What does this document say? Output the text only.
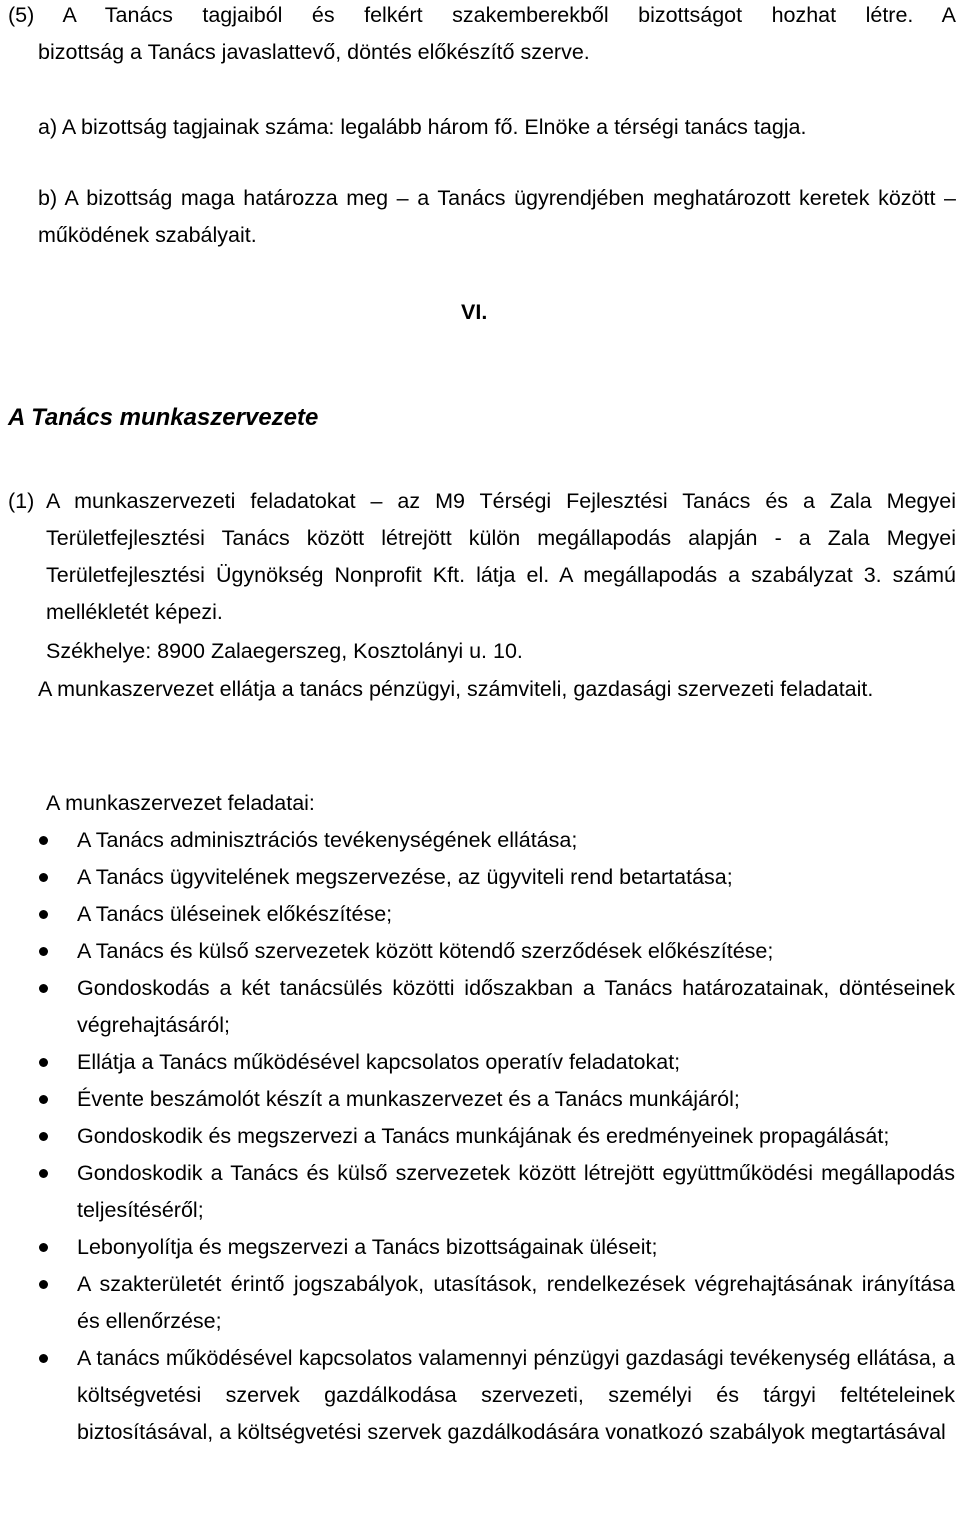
(5) A Tanács tagjaiból és felkért szakemberekből bizottságot hozhat létre. A

bizottság a Tanács javaslattevő, döntés előkészítő szerve.

a) A bizottság tagjainak száma: legalább három fő. Elnöke a térségi tanács tagja.

b) A bizottság maga határozza meg – a Tanács ügyrendjében meghatározott keretek között – működének szabályait.

VI.

A Tanács munkaszervezete

(1) A munkaszervezeti feladatokat – az M9 Térségi Fejlesztési Tanács és a Zala Megyei Területfejlesztési Tanács között létrejött külön megállapodás alapján - a Zala Megyei Területfejlesztési Ügynökség Nonprofit Kft. látja el. A megállapodás a szabályzat 3. számú mellékletét képezi.

Székhelye: 8900 Zalaegerszeg, Kosztolányi u. 10.

A munkaszervezet ellátja a tanács pénzügyi, számviteli, gazdasági szervezeti feladatait.

A munkaszervezet feladatai:

A Tanács adminisztrációs tevékenységének ellátása;
A Tanács ügyvitelének megszervezése, az ügyviteli rend betartatása;
A Tanács üléseinek előkészítése;
A Tanács és külső szervezetek között kötendő szerződések előkészítése;
Gondoskodás a két tanácsülés közötti időszakban a Tanács határozatainak, döntéseinek végrehajtásáról;
Ellátja a Tanács működésével kapcsolatos operatív feladatokat;
Évente beszámolót készít a munkaszervezet és a Tanács munkájáról;
Gondoskodik és megszervezi a Tanács munkájának és eredményeinek propagálását;
Gondoskodik a Tanács és külső szervezetek között létrejött együttműködési megállapodás teljesítéséről;
Lebonyolítja és megszervezi a Tanács bizottságainak üléseit;
A szakterületét érintő jogszabályok, utasítások, rendelkezések végrehajtásának irányítása és ellenőrzése;
A tanács működésével kapcsolatos valamennyi pénzügyi gazdasági tevékenység ellátása, a költségvetési szervek gazdálkodása szervezeti, személyi és tárgyi feltételeinek biztosításával, a költségvetési szervek gazdálkodására vonatkozó szabályok megtartásával
